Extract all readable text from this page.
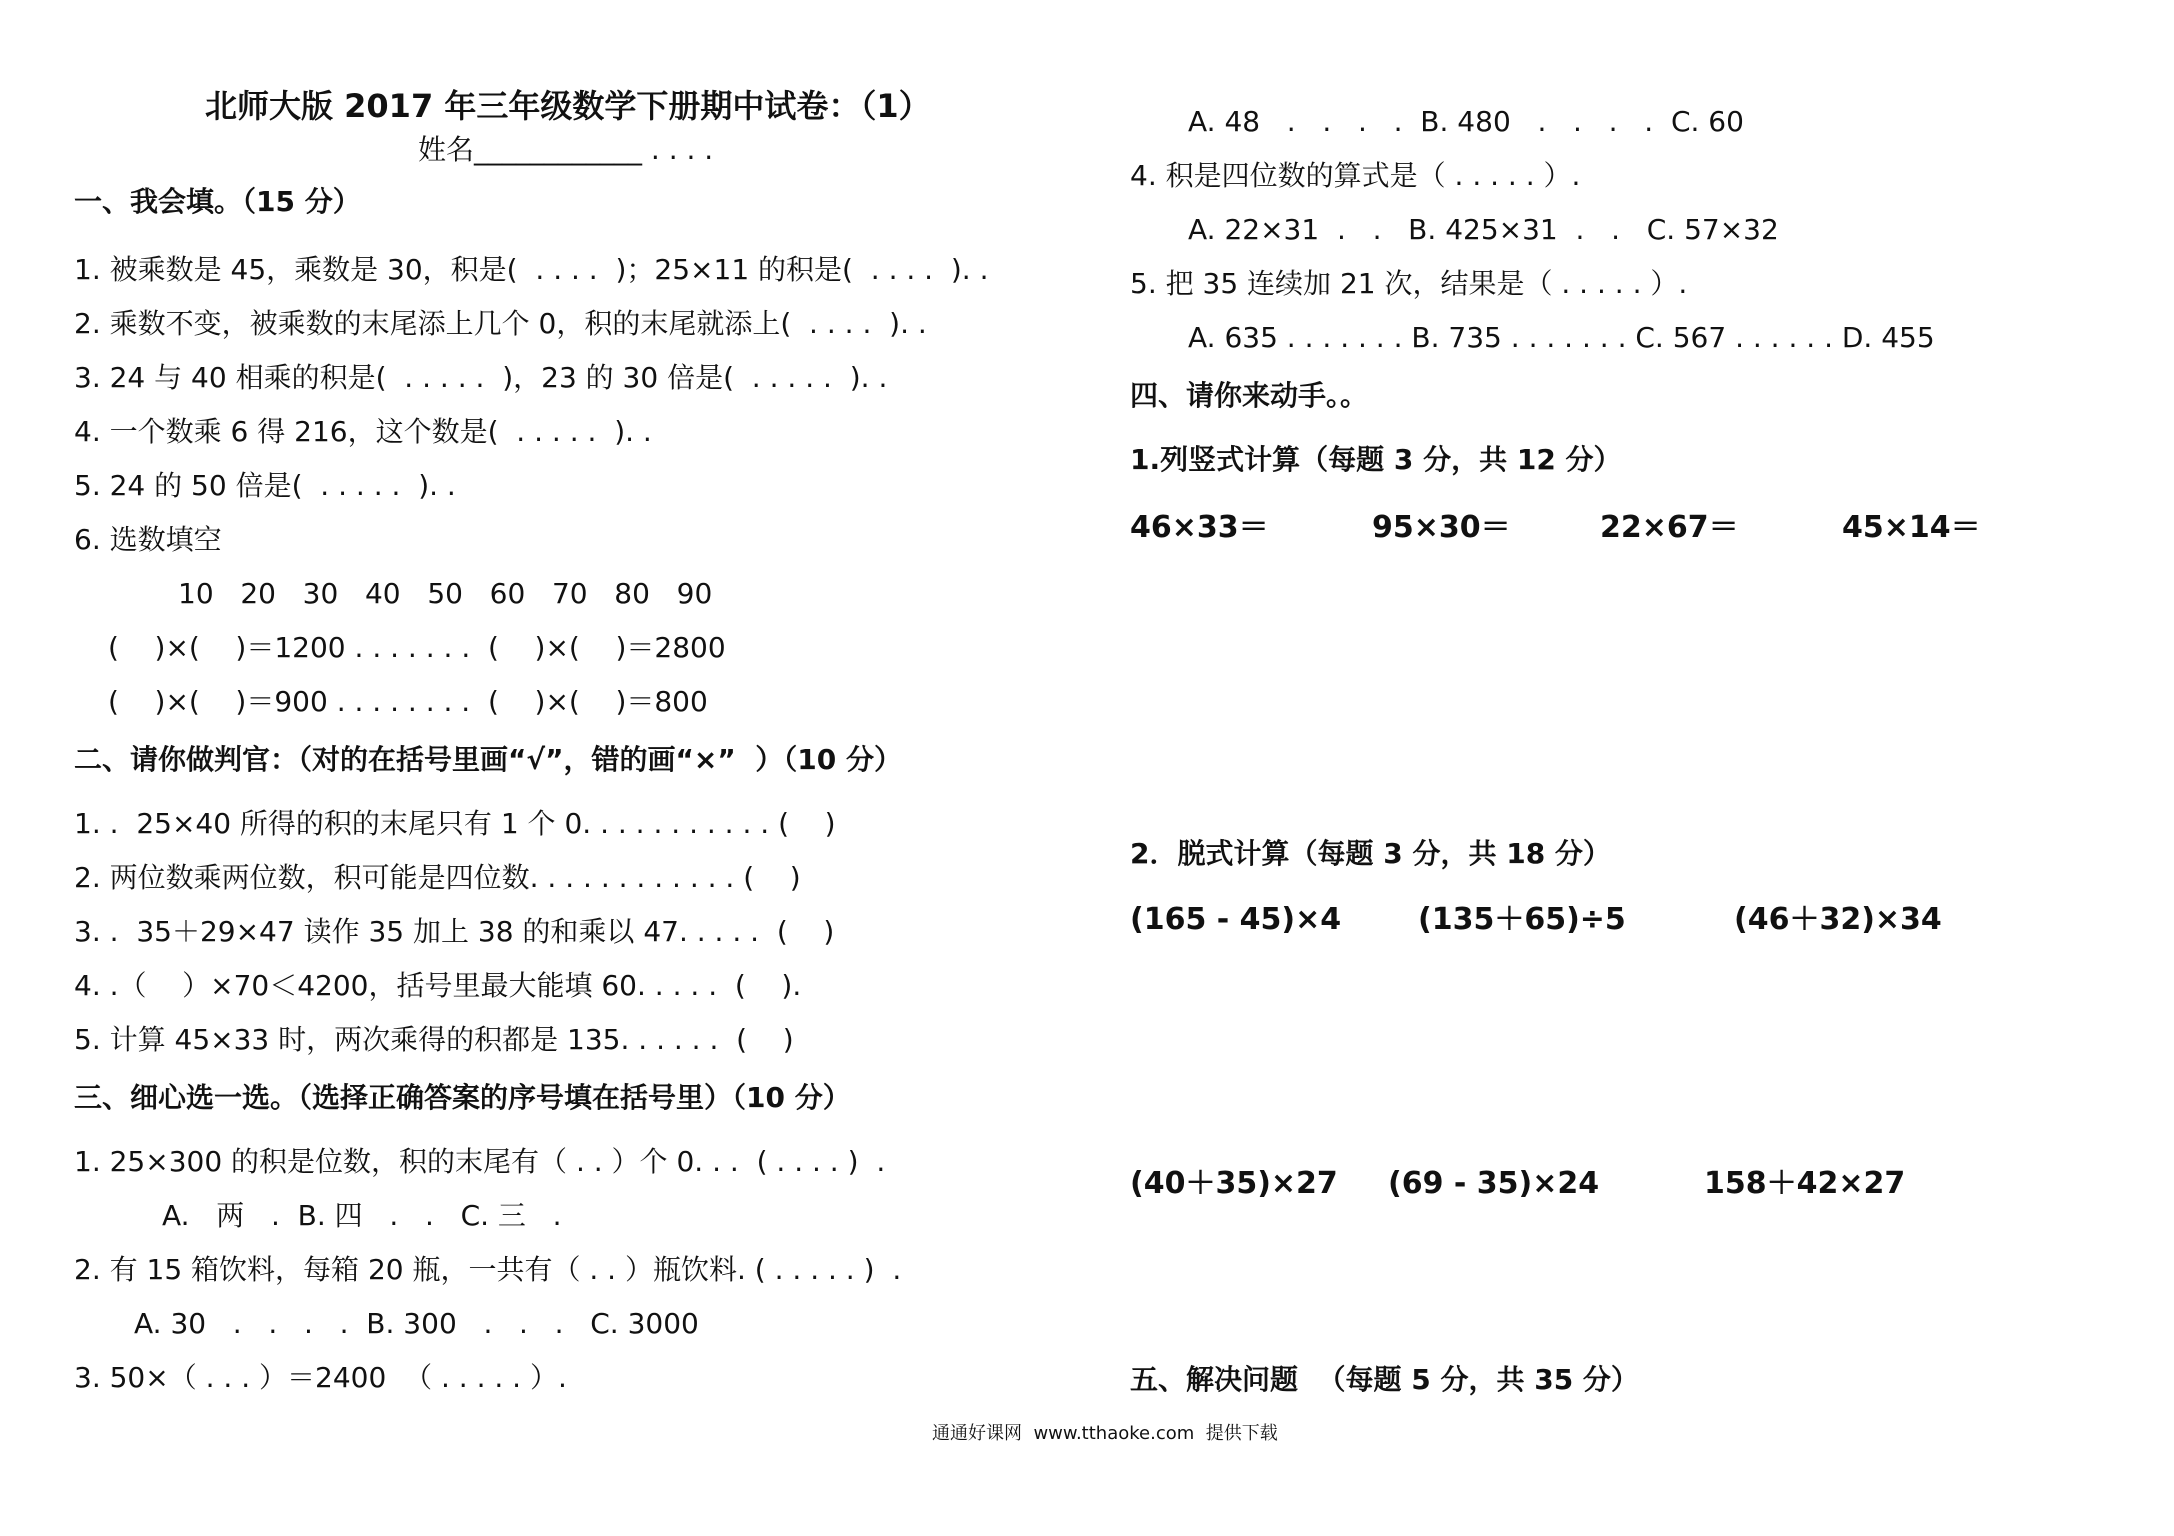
北师大版 2017 年三年级数学下册期中试卷：（1）
姓名____________ . . . .
一、我会填。（15 分）
1. 被乘数是 45，乘数是 30，积是(  . . . .  )；25×11 的积是(  . . . .  ). .
2. 乘数不变，被乘数的末尾添上几个 0，积的末尾就添上(  . . . .  ). .
3. 24 与 40 相乘的积是(  . . . . .  )，23 的 30 倍是(  . . . . .  ). .
4. 一个数乘 6 得 216，这个数是(  . . . . .  ). .
5. 24 的 50 倍是(  . . . . .  ). .
6. 选数填空
10   20   30   40   50   60   70   80   90
(    )×(    )＝1200 . . . . . . .  (    )×(    )＝2800
(    )×(    )＝900 . . . . . . . .  (    )×(    )＝800
二、请你做判官：（对的在括号里画“√”，错的画“×”  ）（10 分）
1. .  25×40 所得的积的末尾只有 1 个 0. . . . . . . . . . . (    )
2. 两位数乘两位数，积可能是四位数. . . . . . . . . . . . (    )
3. .  35＋29×47 读作 35 加上 38 的和乘以 47. . . . .  (    )
4. .（    ）×70＜4200，括号里最大能填 60. . . . .  (    ).
5. 计算 45×33 时，两次乘得的积都是 135. . . . . .  (    )
三、细心选一选。（选择正确答案的序号填在括号里）（10 分）
1. 25×300 的积是位数，积的末尾有（ . . ）个 0. . .  ( . . . . )  .
A.   两   .  B. 四   .   .   C. 三   .
2. 有 15 箱饮料，每箱 20 瓶，一共有（ . . ）瓶饮料. ( . . . . . )  .
A. 30   .   .   .   .  B. 300   .   .   .   C. 3000
3. 50×（ . . . ）＝2400  （ . . . . . ）.
A. 48   .   .   .   .  B. 480   .   .   .   .  C. 60
4. 积是四位数的算式是（ . . . . . ）.
A. 22×31  .   .   B. 425×31  .   .   C. 57×32
5. 把 35 连续加 21 次，结果是（ . . . . . ）.
A. 635 . . . . . . . B. 735 . . . . . . . C. 567 . . . . . . D. 455
四、请你来动手。。
1.列竖式计算（每题 3 分，共 12 分）
46×33＝	95×30＝	22×67＝	45×14＝
2．脱式计算（每题 3 分，共 18 分）
(165 - 45)×4	(135＋65)÷5	(46＋32)×34
(40＋35)×27 (69 - 35)×24	158＋42×27
五、解决问题  （每题 5 分，共 35 分）
通通好课网  www.tthaoke.com  提供下载
